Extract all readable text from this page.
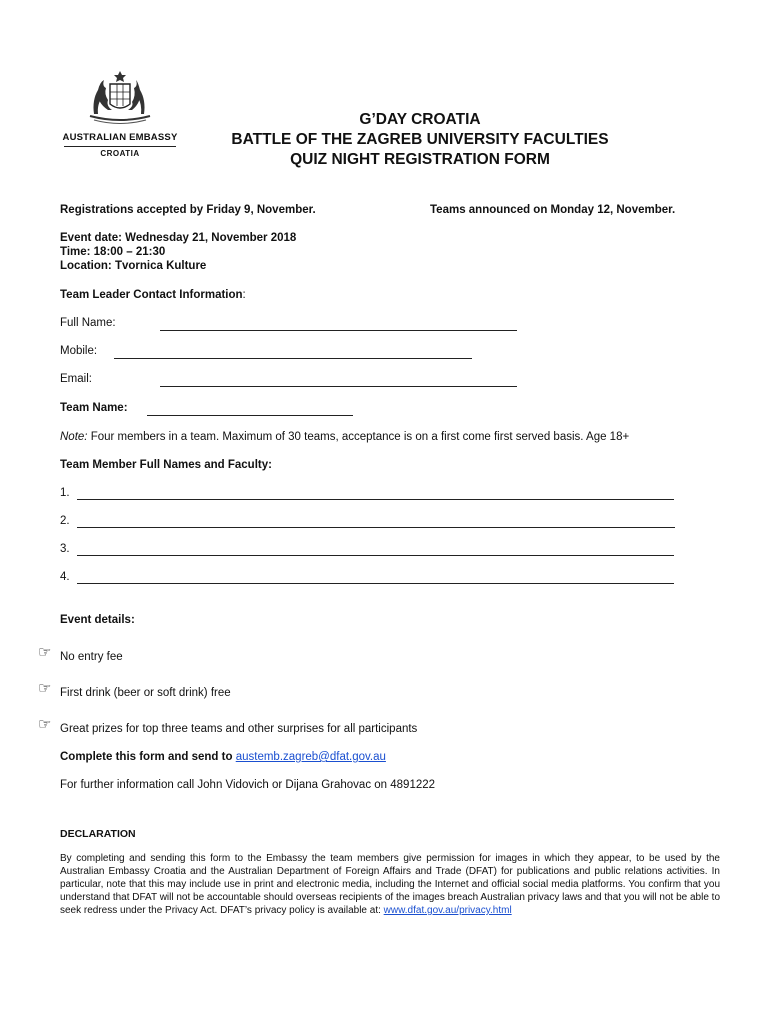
AUSTRALIAN EMBASSY
CROATIA
G’DAY CROATIA
BATTLE OF THE ZAGREB UNIVERSITY FACULTIES
QUIZ NIGHT REGISTRATION FORM
Registrations accepted by Friday 9, November.	Teams announced on Monday 12, November.
Event date: Wednesday 21, November 2018
Time: 18:00 – 21:30
Location: Tvornica Kulture
Team Leader Contact Information:
Full Name:
Mobile:
Email:
Team Name:
Note: Four members in a team. Maximum of 30 teams, acceptance is on a first come first served basis. Age 18+
Team Member Full Names and Faculty:
1.
2.
3.
4.
Event details:
☞ No entry fee
☞ First drink (beer or soft drink) free
☞ Great prizes for top three teams and other surprises for all participants
Complete this form and send to austemb.zagreb@dfat.gov.au
For further information call John Vidovich or Dijana Grahovac on 4891222
DECLARATION
By completing and sending this form to the Embassy the team members give permission for images in which they appear, to be used by the Australian Embassy Croatia and the Australian Department of Foreign Affairs and Trade (DFAT) for publications and public relations activities. In particular, note that this may include use in print and electronic media, including the Internet and official social media platforms. You confirm that you understand that DFAT will not be accountable should overseas recipients of the images breach Australian privacy laws and that you will not be able to seek redress under the Privacy Act. DFAT’s privacy policy is available at: www.dfat.gov.au/privacy.html
